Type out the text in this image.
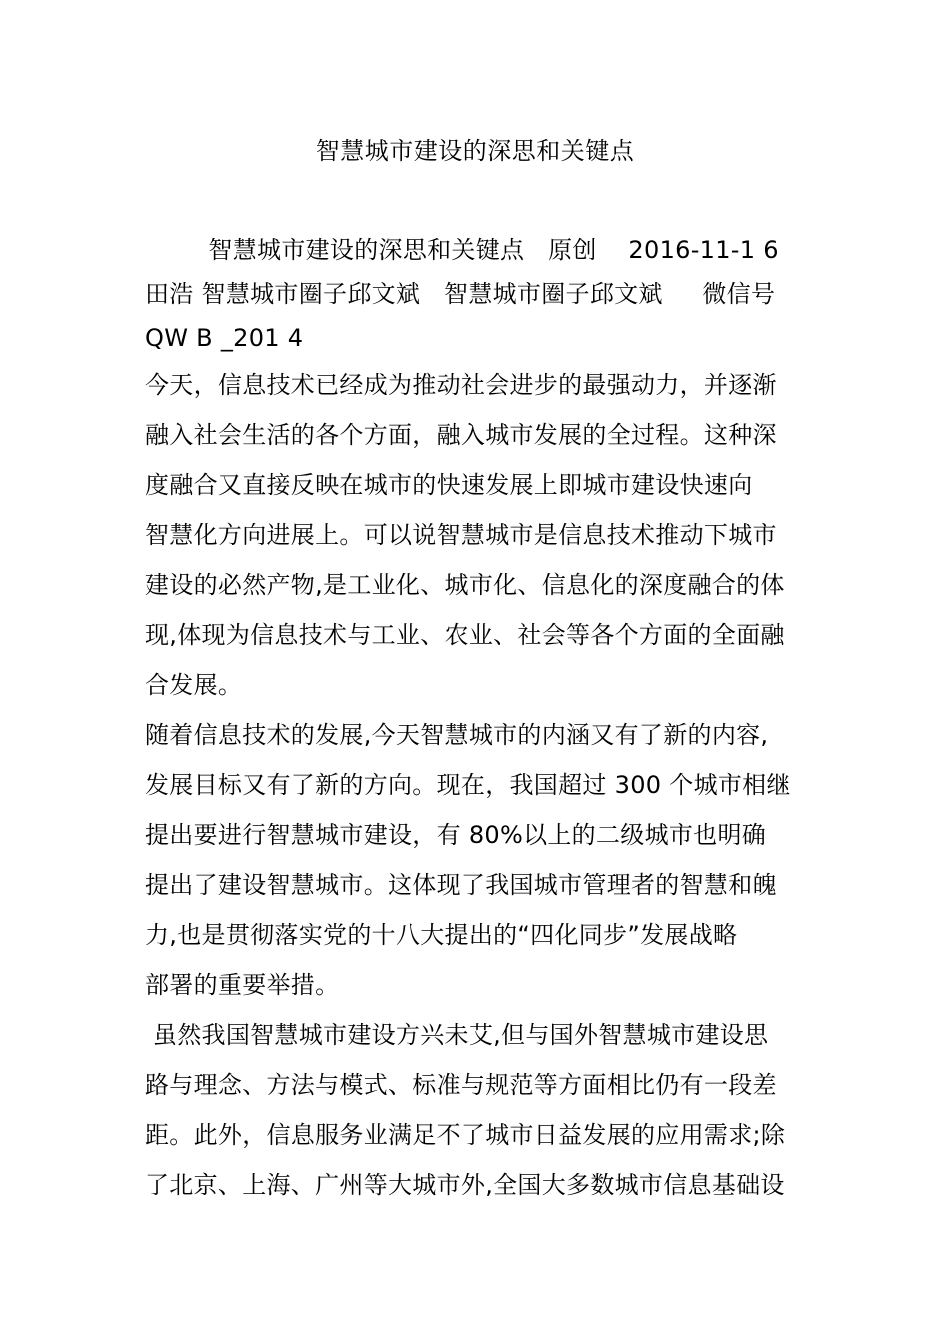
智慧城市建设的深思和关键点
智慧城市建设的深思和关键点   原创    2016-11-1 6
田浩 智慧城市圈子邱文斌   智慧城市圈子邱文斌     微信号
QW B _201 4
今天，信息技术已经成为推动社会进步的最强动力，并逐渐
融入社会生活的各个方面，融入城市发展的全过程。这种深
度融合又直接反映在城市的快速发展上即城市建设快速向
智慧化方向进展上。可以说智慧城市是信息技术推动下城市
建设的必然产物,是工业化、城市化、信息化的深度融合的体
现,体现为信息技术与工业、农业、社会等各个方面的全面融
合发展。
随着信息技术的发展,今天智慧城市的内涵又有了新的内容,
发展目标又有了新的方向。现在，我国超过 300 个城市相继
提出要进行智慧城市建设，有 80%以上的二级城市也明确
提出了建设智慧城市。这体现了我国城市管理者的智慧和魄
力,也是贯彻落实党的十八大提出的“四化同步”发展战略
部署的重要举措。
虽然我国智慧城市建设方兴未艾,但与国外智慧城市建设思
路与理念、方法与模式、标准与规范等方面相比仍有一段差
距。此外，信息服务业满足不了城市日益发展的应用需求;除
了北京、上海、广州等大城市外,全国大多数城市信息基础设
